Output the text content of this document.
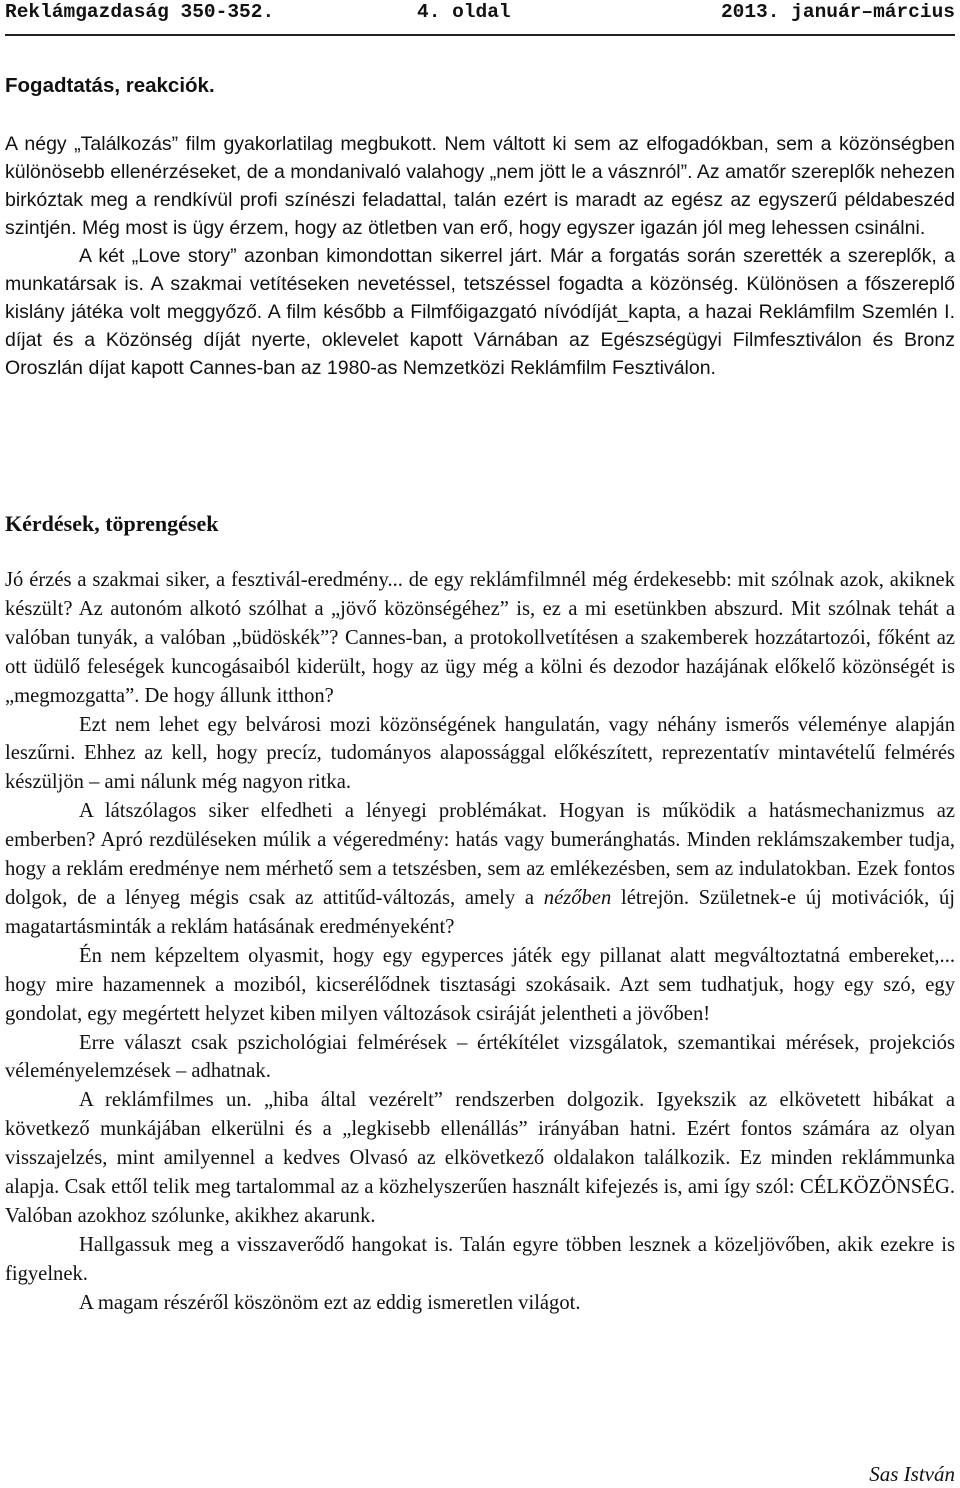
Reklámgazdaság 350-352.	4. oldal	2013. január–március
Fogadtatás, reakciók.

A négy „Találkozás” film gyakorlatilag megbukott. Nem váltott ki sem az elfogadókban, sem a közönségben különösebb ellenérzéseket, de a mondanivaló valahogy „nem jött le a vásznról”. Az amatőr szereplők nehezen birkóztak meg a rendkívül profi színészi feladattal, talán ezért is maradt az egész az egyszerű példabeszéd szintjén. Még most is ügy érzem, hogy az ötletben van erő, hogy egyszer igazán jól meg lehessen csinálni.

A két „Love story” azonban kimondottan sikerrel járt. Már a forgatás során szerették a szereplők, a munkatársak is. A szakmai vetítéseken nevetéssel, tetszéssel fogadta a közönség. Különösen a főszereplő kislány játéka volt meggyőző. A film később a Filmfőigazgató nívódíját_kapta, a hazai Reklámfilm Szemlén I. díjat és a Közönség díját nyerte, oklevelet kapott Várnában az Egészségügyi Filmfesztiválon és Bronz Oroszlán díjat kapott Cannes-ban az 1980-as Nemzetközi Reklámfilm Fesztiválon.

Kérdések, töprengések

Jó érzés a szakmai siker, a fesztivál-eredmény... de egy reklámfilmnél még érdekesebb: mit szólnak azok, akiknek készült? Az autonóm alkotó szólhat a „jövő közönségéhez” is, ez a mi esetünkben abszurd. Mit szólnak tehát a valóban tunyák, a valóban „büdöskék”? Cannes-ban, a protokollvetítésen a szakemberek hozzátartozói, főként az ott üdülő feleségek kuncogásaiból kiderült, hogy az ügy még a kölni és dezodor hazájának előkelő közönségét is „megmozgatta”. De hogy állunk itthon?

Ezt nem lehet egy belvárosi mozi közönségének hangulatán, vagy néhány ismerős véleménye alapján leszűrni. Ehhez az kell, hogy precíz, tudományos alapossággal előkészített, reprezentatív mintavételű felmérés készüljön – ami nálunk még nagyon ritka.

A látszólagos siker elfedheti a lényegi problémákat. Hogyan is működik a hatásmechanizmus az emberben? Apró rezdüléseken múlik a végeredmény: hatás vagy bumeránghatás. Minden reklámszakember tudja, hogy a reklám eredménye nem mérhető sem a tetszésben, sem az emlékezésben, sem az indulatokban. Ezek fontos dolgok, de a lényeg mégis csak az attitűd-változás, amely a nézőben létrejön. Születnek-e új motivációk, új magatartásminták a reklám hatásának eredményeként?

Én nem képzeltem olyasmit, hogy egy egyperces játék egy pillanat alatt megváltoztatná embereket,... hogy mire hazamennek a moziból, kicserélődnek tisztasági szokásaik. Azt sem tudhatjuk, hogy egy szó, egy gondolat, egy megértett helyzet kiben milyen változások csiráját jelentheti a jövőben!

Erre választ csak pszichológiai felmérések – értékítélet vizsgálatok, szemantikai mérések, projekciós véleményelemzések – adhatnak.

A reklámfilmes un. „hiba által vezérelt” rendszerben dolgozik. Igyekszik az elkövetett hibákat a következő munkájában elkerülni és a „legkisebb ellenállás” irányában hatni. Ezért fontos számára az olyan visszajelzés, mint amilyennel a kedves Olvasó az elkövetkező oldalakon találkozik. Ez minden reklámmunka alapja. Csak ettől telik meg tartalommal az a közhelyszerűen használt kifejezés is, ami így szól: CÉLKÖZÖNSÉG. Valóban azokhoz szólunke, akikhez akarunk.

Hallgassuk meg a visszaverődő hangokat is. Talán egyre többen lesznek a közeljövőben, akik ezekre is figyelnek.

A magam részéről köszönöm ezt az eddig ismeretlen világot.

Sas István
